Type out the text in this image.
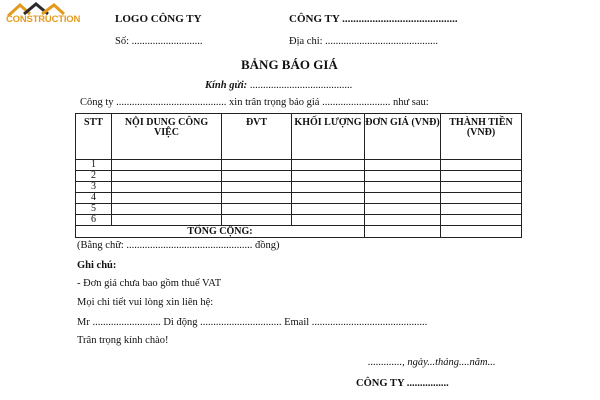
CONSTRUCTION	LOGO CÔNG TY	CÔNG TY ..........................................
Số: ...........................	Địa chỉ: ...........................................
BẢNG BÁO GIÁ
Kính gửi: .......................................
Công ty .......................................... xin trân trọng báo giá .......................... như sau:
STT	NỘI DUNG CÔNG VIỆC	ĐVT	KHỐI LƯỢNG	ĐƠN GIÁ (VNĐ)	THÀNH TIỀN (VNĐ)
1					
2					
3					
4					
5					
6					
TỔNG CỘNG:					
(Bằng chữ: ................................................ đồng)
Ghi chú:
- Đơn giá chưa bao gồm thuế VAT
Mọi chi tiết vui lòng xin liên hệ:
Mr .......................... Di động ............................... Email ............................................
Trân trọng kính chào!
............., ngày...tháng....năm...
CÔNG TY ................
